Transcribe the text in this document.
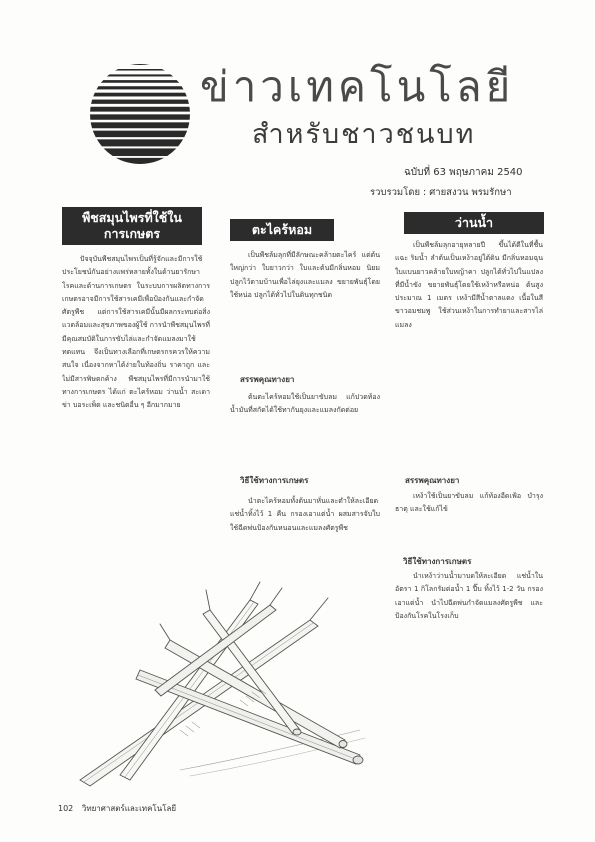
ข่าวเทคโนโลยี
สำหรับชาวชนบท
ฉบับที่ 63 พฤษภาคม 2540
รวบรวมโดย : ศายสงวน พรมรักษา
พืชสมุนไพรที่ใช้ในการเกษตร

ปัจจุบันพืชสมุนไพรเป็นที่รู้จักและมีการใช้ประโยชน์กันอย่างแพร่หลายทั้งในด้านยารักษาโรคและด้านการเกษตร ในระบบการผลิตทางการเกษตรอาจมีการใช้สารเคมีเพื่อป้องกันและกำจัดศัตรูพืช แต่การใช้สารเคมีนั้นมีผลกระทบต่อสิ่งแวดล้อมและสุขภาพของผู้ใช้ การนำพืชสมุนไพรที่มีคุณสมบัติในการขับไล่และกำจัดแมลงมาใช้ทดแทน จึงเป็นทางเลือกที่เกษตรกรควรให้ความสนใจ เนื่องจากหาได้ง่ายในท้องถิ่น ราคาถูก และไม่มีสารพิษตกค้าง พืชสมุนไพรที่มีการนำมาใช้ทางการเกษตร ได้แก่ ตะไคร้หอม ว่านน้ำ สะเดา ข่า บอระเพ็ด และชนิดอื่น ๆ อีกมากมาย

ตะไคร้หอม

เป็นพืชล้มลุกที่มีลักษณะคล้ายตะไคร้ แต่ต้นใหญ่กว่า ใบยาวกว่า ใบและต้นมีกลิ่นหอม นิยมปลูกไว้ตามบ้านเพื่อไล่ยุงและแมลง ขยายพันธุ์โดยใช้หน่อ ปลูกได้ทั่วไปในดินทุกชนิด

สรรพคุณทางยา

ต้นตะไคร้หอมใช้เป็นยาขับลม แก้ปวดท้อง น้ำมันที่สกัดได้ใช้ทากันยุงและแมลงกัดต่อย

วิธีใช้ทางการเกษตร

นำตะไคร้หอมทั้งต้นมาหั่นและตำให้ละเอียด แช่น้ำทิ้งไว้ 1 คืน กรองเอาแต่น้ำ ผสมสารจับใบ ใช้ฉีดพ่นป้องกันหนอนและแมลงศัตรูพืช

ว่านน้ำ

เป็นพืชล้มลุกอายุหลายปี ขึ้นได้ดีในที่ชื้นแฉะ ริมน้ำ ลำต้นเป็นเหง้าอยู่ใต้ดิน มีกลิ่นหอมฉุน ใบแบนยาวคล้ายใบหญ้าคา ปลูกได้ทั่วไปในแปลงที่มีน้ำขัง ขยายพันธุ์โดยใช้เหง้าหรือหน่อ ต้นสูงประมาณ 1 เมตร เหง้ามีสีน้ำตาลแดง เนื้อในสีขาวอมชมพู ใช้ส่วนเหง้าในการทำยาและสารไล่แมลง

สรรพคุณทางยา

เหง้าใช้เป็นยาขับลม แก้ท้องอืดเฟ้อ บำรุงธาตุ และใช้แก้ไข้

วิธีใช้ทางการเกษตร

นำเหง้าว่านน้ำมาบดให้ละเอียด แช่น้ำในอัตรา 1 กิโลกรัมต่อน้ำ 1 ปี๊บ ทิ้งไว้ 1-2 วัน กรองเอาแต่น้ำ นำไปฉีดพ่นกำจัดแมลงศัตรูพืช และป้องกันโรคในโรงเก็บ

102 วิทยาศาสตร์และเทคโนโลยี
